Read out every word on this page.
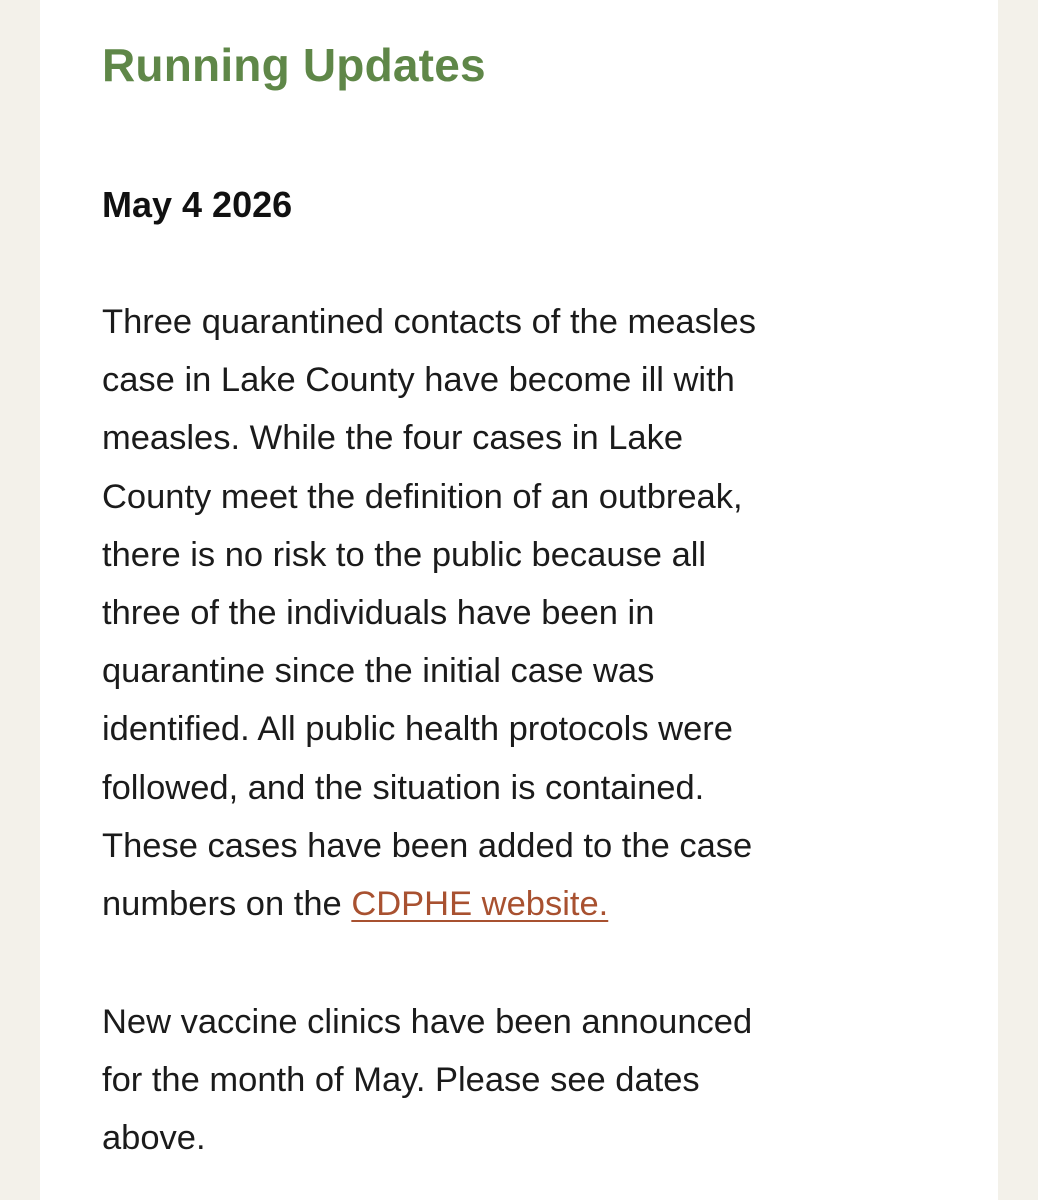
Running Updates
May 4 2026

Three quarantined contacts of the measles
case in Lake County have become ill with
measles. While the four cases in Lake
County meet the definition of an outbreak,
there is no risk to the public because all
three of the individuals have been in
quarantine since the initial case was
identified. All public health protocols were
followed, and the situation is contained.
These cases have been added to the case
numbers on the CDPHE website.

New vaccine clinics have been announced
for the month of May. Please see dates
above.
